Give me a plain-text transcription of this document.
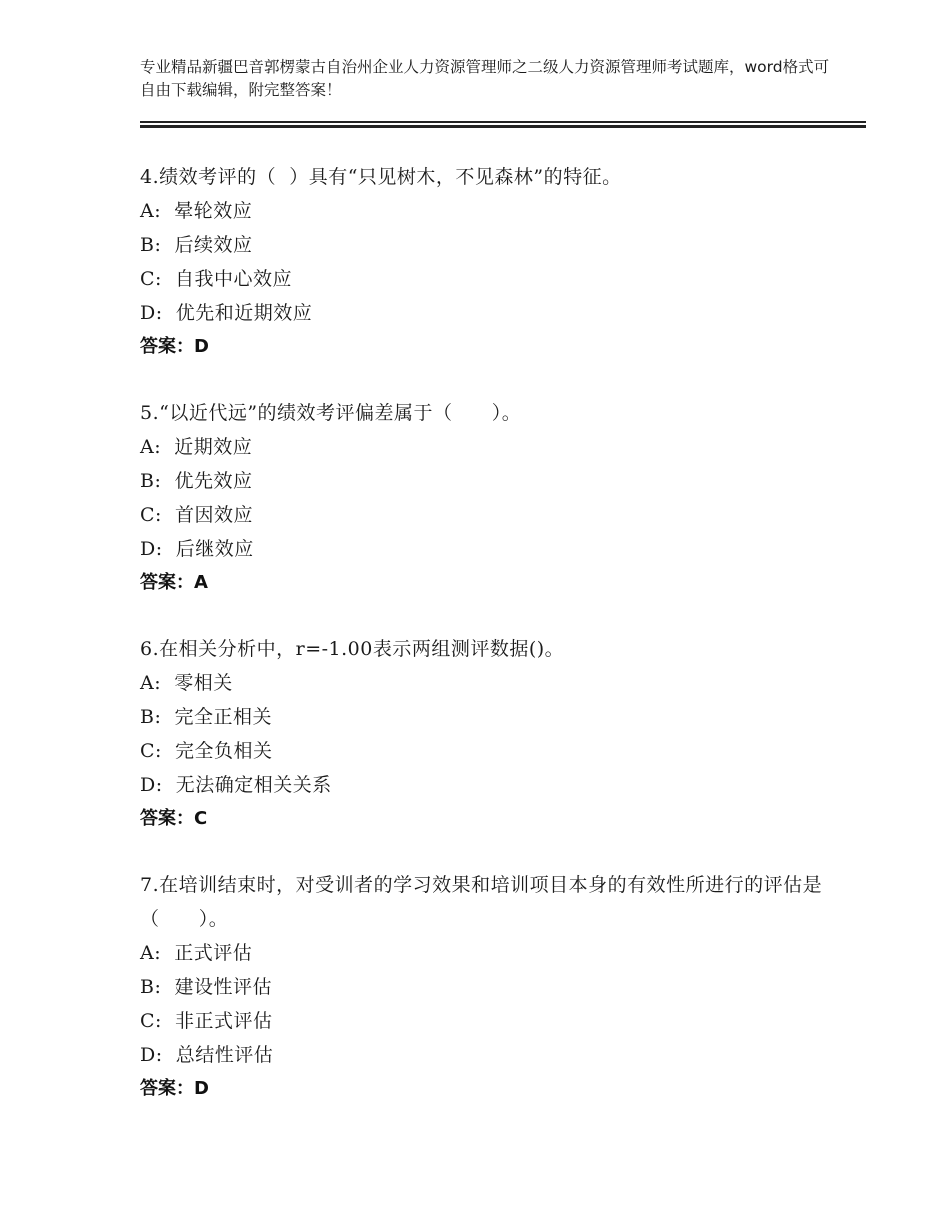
专业精品新疆巴音郭楞蒙古自治州企业人力资源管理师之二级人力资源管理师考试题库，word格式可自由下载编辑，附完整答案！
4.绩效考评的（  ）具有“只见树木，不见森林”的特征。
A:  晕轮效应
B:  后续效应
C:  自我中心效应
D:  优先和近期效应
答案：D
5.“以近代远”的绩效考评偏差属于（      ）。
A:  近期效应
B:  优先效应
C:  首因效应
D:  后继效应
答案：A
6.在相关分析中，r=-1.00表示两组测评数据()。
A:  零相关
B:  完全正相关
C:  完全负相关
D:  无法确定相关关系
答案：C
7.在培训结束时，对受训者的学习效果和培训项目本身的有效性所进行的评估是（      ）。
A:  正式评估
B:  建设性评估
C:  非正式评估
D:  总结性评估
答案：D
